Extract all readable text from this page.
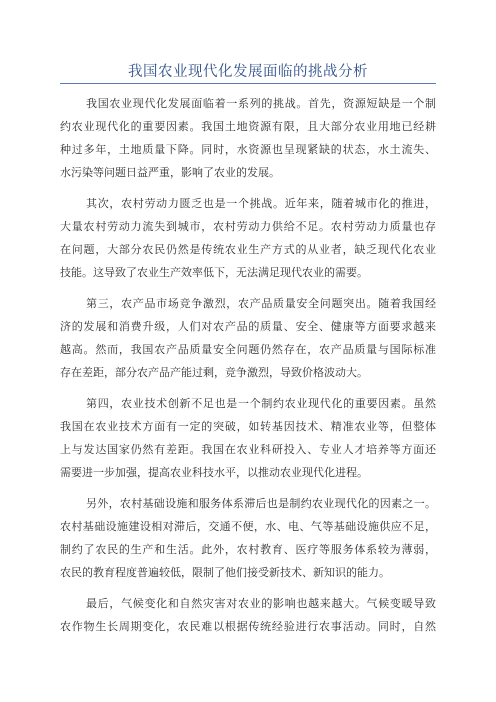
我国农业现代化发展面临的挑战分析
我国农业现代化发展面临着一系列的挑战。首先，资源短缺是一个制
约农业现代化的重要因素。我国土地资源有限，且大部分农业用地已经耕
种过多年，土地质量下降。同时，水资源也呈现紧缺的状态，水土流失、
水污染等问题日益严重，影响了农业的发展。
其次，农村劳动力匮乏也是一个挑战。近年来，随着城市化的推进，
大量农村劳动力流失到城市，农村劳动力供给不足。农村劳动力质量也存
在问题，大部分农民仍然是传统农业生产方式的从业者，缺乏现代化农业
技能。这导致了农业生产效率低下，无法满足现代农业的需要。
第三，农产品市场竞争激烈，农产品质量安全问题突出。随着我国经
济的发展和消费升级，人们对农产品的质量、安全、健康等方面要求越来
越高。然而，我国农产品质量安全问题仍然存在，农产品质量与国际标准
存在差距，部分农产品产能过剩，竞争激烈，导致价格波动大。
第四，农业技术创新不足也是一个制约农业现代化的重要因素。虽然
我国在农业技术方面有一定的突破，如转基因技术、精准农业等，但整体
上与发达国家仍然有差距。我国在农业科研投入、专业人才培养等方面还
需要进一步加强，提高农业科技水平，以推动农业现代化进程。
另外，农村基础设施和服务体系滞后也是制约农业现代化的因素之一。
农村基础设施建设相对滞后，交通不便，水、电、气等基础设施供应不足，
制约了农民的生产和生活。此外，农村教育、医疗等服务体系较为薄弱，
农民的教育程度普遍较低，限制了他们接受新技术、新知识的能力。
最后，气候变化和自然灾害对农业的影响也越来越大。气候变暖导致
农作物生长周期变化，农民难以根据传统经验进行农事活动。同时，自然
